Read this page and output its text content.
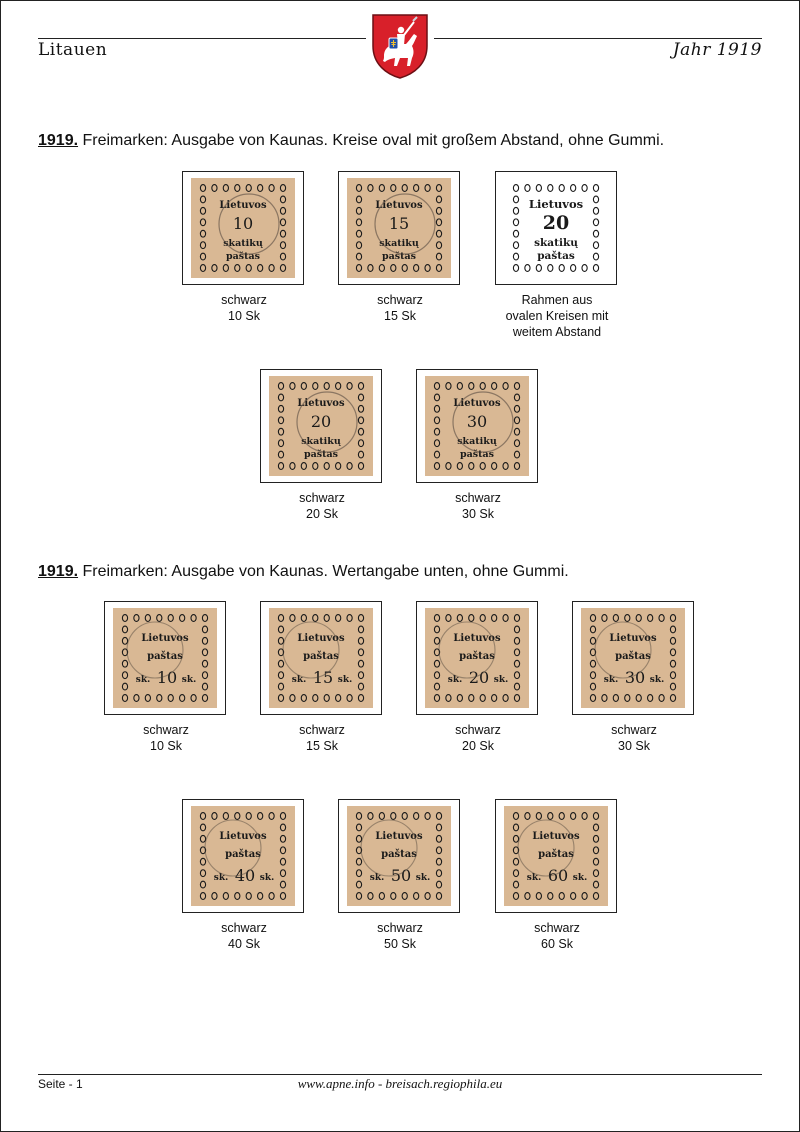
Litauen	Jahr 1919
1919. Freimarken: Ausgabe von Kaunas. Kreise oval mit großem Abstand, ohne Gummi.
Lietuvos
10
skatikų
paštas
schwarz
10 Sk
Lietuvos
15
skatikų
paštas
schwarz
15 Sk
Lietuvos
20
skatikų
paštas
Rahmen aus
ovalen Kreisen mit
weitem Abstand
Lietuvos
20
skatikų
paštas
schwarz
20 Sk
Lietuvos
30
skatikų
paštas
schwarz
30 Sk
1919. Freimarken: Ausgabe von Kaunas. Wertangabe unten, ohne Gummi.
Lietuvos
paštas
sk. 10 sk.
schwarz
10 Sk
Lietuvos
paštas
sk. 15 sk.
schwarz
15 Sk
Lietuvos
paštas
sk. 20 sk.
schwarz
20 Sk
Lietuvos
paštas
sk. 30 sk.
schwarz
30 Sk
Lietuvos
paštas
sk. 40 sk.
schwarz
40 Sk
Lietuvos
paštas
sk. 50 sk.
schwarz
50 Sk
Lietuvos
paštas
sk. 60 sk.
schwarz
60 Sk
Seite - 1	www.apne.info - breisach.regiophila.eu
